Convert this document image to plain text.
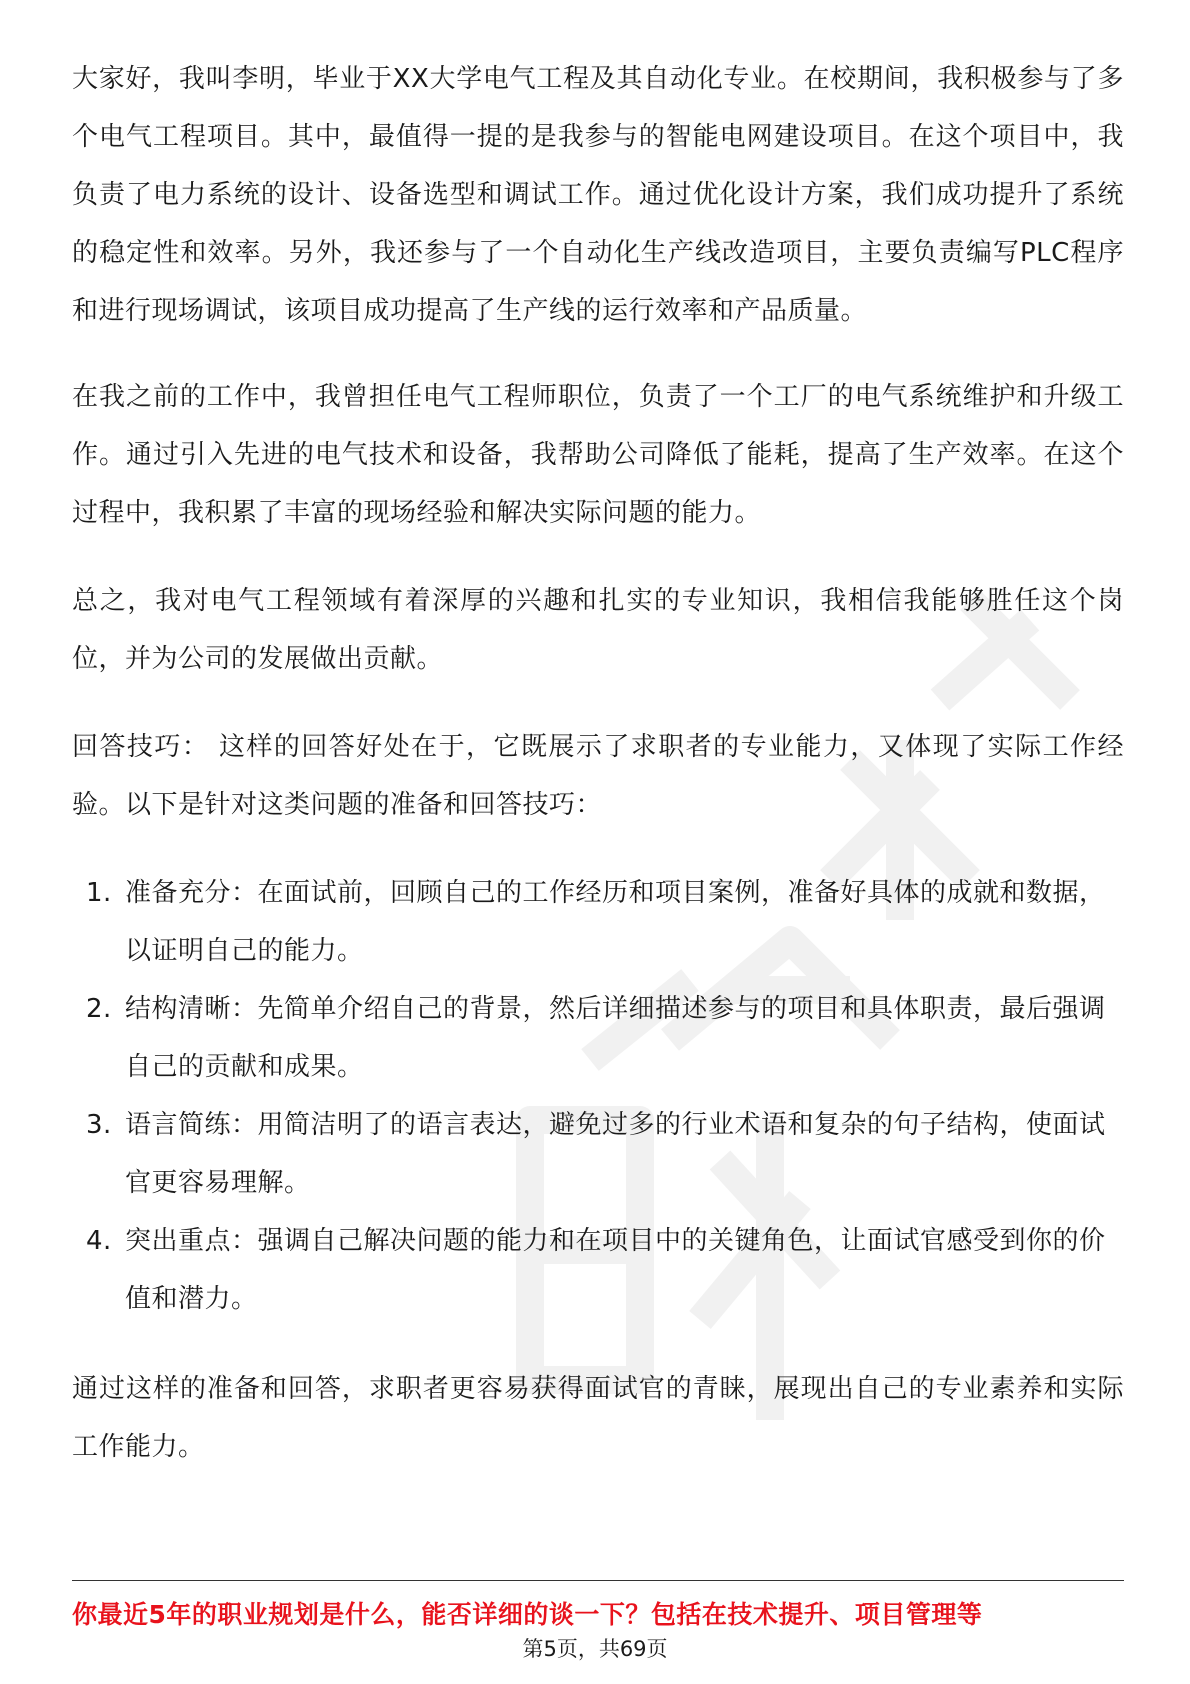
大家好，我叫李明，毕业于XX大学电气工程及其自动化专业。在校期间，我积极参与了多个电气工程项目。其中，最值得一提的是我参与的智能电网建设项目。在这个项目中，我负责了电力系统的设计、设备选型和调试工作。通过优化设计方案，我们成功提升了系统的稳定性和效率。另外，我还参与了一个自动化生产线改造项目，主要负责编写PLC程序和进行现场调试，该项目成功提高了生产线的运行效率和产品质量。

在我之前的工作中，我曾担任电气工程师职位，负责了一个工厂的电气系统维护和升级工作。通过引入先进的电气技术和设备，我帮助公司降低了能耗，提高了生产效率。在这个过程中，我积累了丰富的现场经验和解决实际问题的能力。

总之，我对电气工程领域有着深厚的兴趣和扎实的专业知识，我相信我能够胜任这个岗位，并为公司的发展做出贡献。

回答技巧： 这样的回答好处在于，它既展示了求职者的专业能力，又体现了实际工作经验。以下是针对这类问题的准备和回答技巧：

1. 准备充分：在面试前，回顾自己的工作经历和项目案例，准备好具体的成就和数据，以证明自己的能力。
2. 结构清晰：先简单介绍自己的背景，然后详细描述参与的项目和具体职责，最后强调自己的贡献和成果。
3. 语言简练：用简洁明了的语言表达，避免过多的行业术语和复杂的句子结构，使面试官更容易理解。
4. 突出重点：强调自己解决问题的能力和在项目中的关键角色，让面试官感受到你的价值和潜力。

通过这样的准备和回答，求职者更容易获得面试官的青睐，展现出自己的专业素养和实际工作能力。

你最近5年的职业规划是什么，能否详细的谈一下？包括在技术提升、项目管理等
第5页，共69页
